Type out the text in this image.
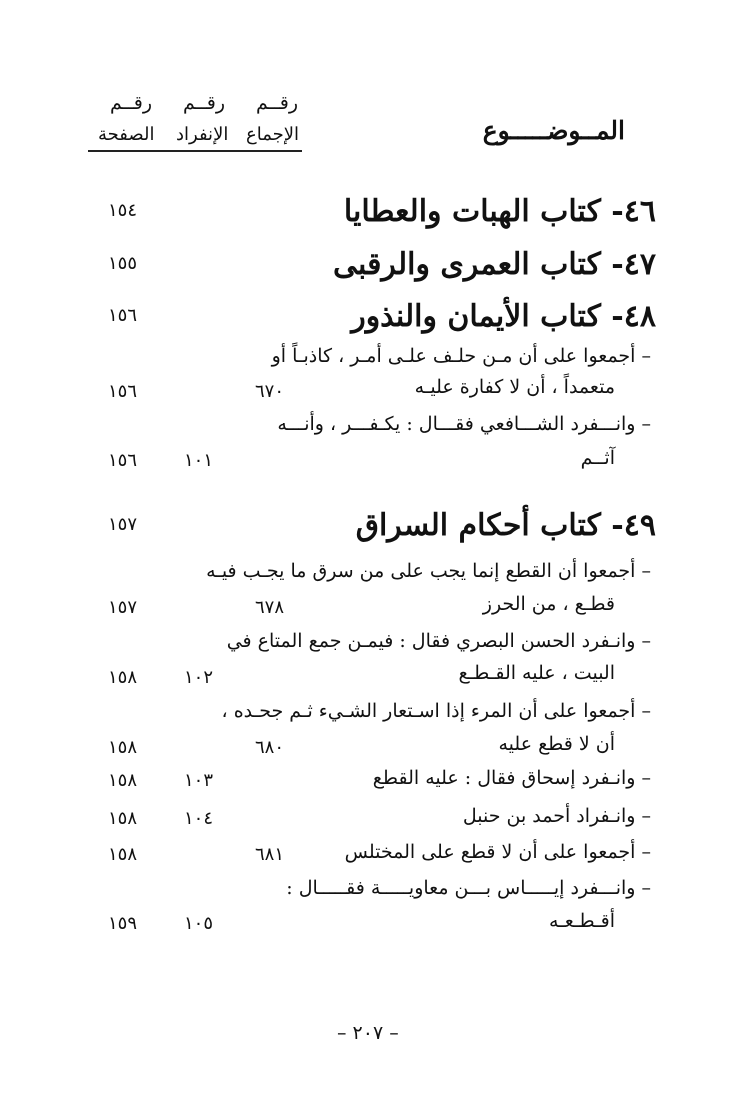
رقــم رقــم رقــم
الصفحة الإنفراد الإجماع	المــوضـــــوع
٤٦- كتاب الهبات والعطايا
١٥٤
٤٧- كتاب العمرى والرقبى
١٥٥
٤٨- كتاب الأيمان والنذور
١٥٦
– أجمعوا على أن مـن حلـف علـى أمـر ، كاذبـاً أو
متعمداً ، أن لا كفارة عليـه
٦٧٠
١٥٦
– وانـــفرد الشـــافعي فقـــال : يكـفـــر ، وأنـــه
آثــم
١٠١
١٥٦
٤٩- كتاب أحكام السراق
١٥٧
– أجمعوا أن القطع إنما يجب على من سرق ما يجـب فيـه
قطـع ، من الحرز
٦٧٨
١٥٧
– وانـفرد الحسن البصري فقال : فيمـن جمع المتاع في
البيت ، عليه القـطـع
١٠٢
١٥٨
– أجمعوا على أن المرء إذا اسـتعار الشـيء ثـم جحـده ،
أن لا قطع عليه
٦٨٠
١٥٨
– وانـفرد إسحاق فقال : عليه القطع
١٠٣
١٥٨
– وانـفراد أحمد بن حنبل
١٠٤
١٥٨
– أجمعوا على أن لا قطع على المختلس
٦٨١
١٥٨
– وانـــفرد إيـــــاس بـــن معاويـــــة فقـــــال :
أقـطـعـه
١٠٥
١٥٩
– ٢٠٧ –
